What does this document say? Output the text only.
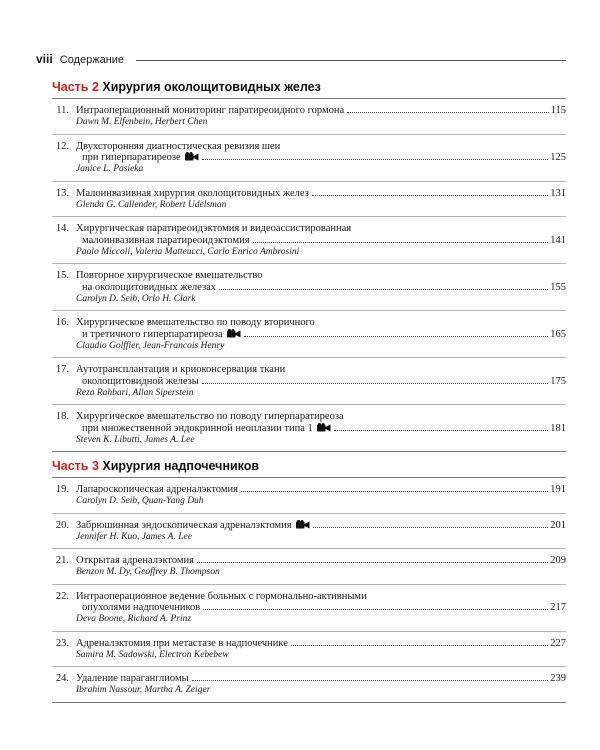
viii Содержание
Часть 2 Хирургия околощитовидных желез
11. Интраоперационный мониторинг паратиреоидного гормона	115
Dawn M. Elfenbein, Herbert Chen
12. Двухсторонняя диагностическая ревизия шеи
при гиперпаратиреозе	125
Janice L. Pasieka
13. Малоинвазивная хирургия околощитовидных желез	131
Glenda G. Callender, Robert Udelsman
14. Хирургическая паратиреоидэктомия и видеоассистированная
малоинвазивная паратиреоидэктомия	141
Paolo Miccoli, Valeria Matteucci, Carlo Enrico Ambrosini
15. Повторное хирургическое вмешательство
на околощитовидных железах	155
Carolyn D. Seib, Orlo H. Clark
16. Хирургическое вмешательство по поводу вторичного
и третичного гиперпаратиреоза	165
Claudio Golffier, Jean-Francois Henry
17. Аутотрансплантация и криоконсервация ткани
околощитовидной железы	175
Reza Rahbari, Allan Siperstein
18. Хирургическое вмешательство по поводу гиперпаратиреоза
при множественной эндокринной неоплазии типа 1	181
Steven K. Libutti, James A. Lee
Часть 3 Хирургия надпочечников
19. Лапароскопическая адреналэктомия	191
Carolyn D. Seib, Quan-Yang Duh
20. Забрюшинная эндоскопическая адреналэктомия	201
Jennifer H. Kuo, James A. Lee
21. Открытая адреналэктомия	209
Benzon M. Dy, Geoffrey B. Thompson
22. Интраоперационное ведение больных с гормонально-активными
опухолями надпочечников	217
Deva Boone, Richard A. Prinz
23. Адреналэктомия при метастазе в надпочечнике	227
Samira M. Sadowski, Electron Kebebew
24. Удаление параганглиомы	239
Ibrahim Nassour, Martha A. Zeiger
